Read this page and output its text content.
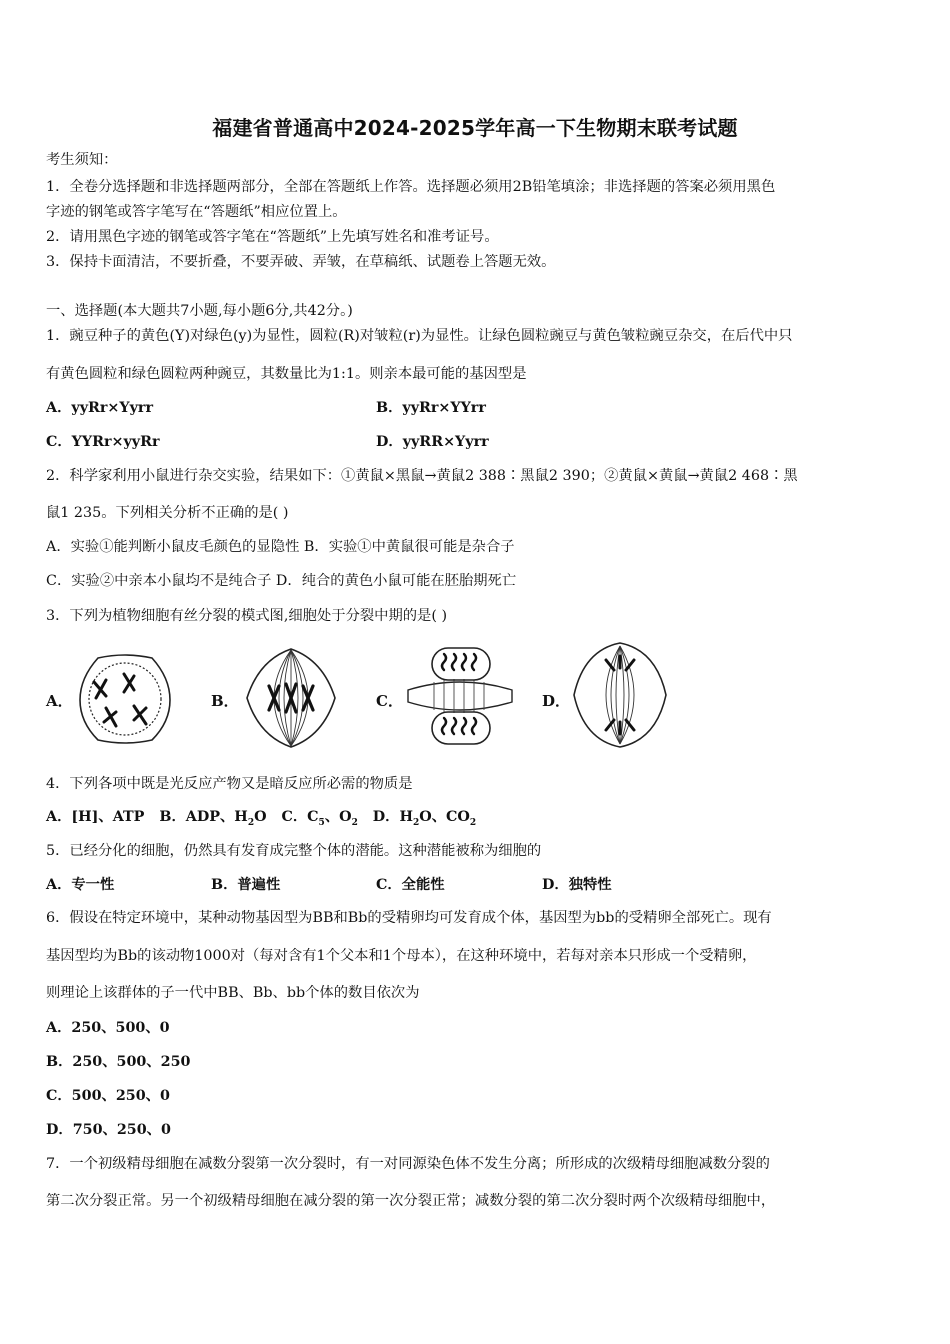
福建省普通高中2024-2025学年高一下生物期末联考试题
考生须知：
1．全卷分选择题和非选择题两部分，全部在答题纸上作答。选择题必须用2B铅笔填涂；非选择题的答案必须用黑色
字迹的钢笔或答字笔写在“答题纸”相应位置上。
2．请用黑色字迹的钢笔或答字笔在“答题纸”上先填写姓名和准考证号。
3．保持卡面清洁，不要折叠，不要弄破、弄皱，在草稿纸、试题卷上答题无效。
一、选择题(本大题共7小题,每小题6分,共42分。)
1．豌豆种子的黄色(Y)对绿色(y)为显性，圆粒(R)对皱粒(r)为显性。让绿色圆粒豌豆与黄色皱粒豌豆杂交，在后代中只
有黄色圆粒和绿色圆粒两种豌豆，其数量比为1:1。则亲本最可能的基因型是
A．yyRr×Yyrr	B．yyRr×YYrr
C．YYRr×yyRr	D．yyRR×Yyrr
2．科学家利用小鼠进行杂交实验，结果如下：①黄鼠×黑鼠→黄鼠2 388∶黑鼠2 390；②黄鼠×黄鼠→黄鼠2 468∶黑
鼠1 235。下列相关分析不正确的是( )
A．实验①能判断小鼠皮毛颜色的显隐性 B．实验①中黄鼠很可能是杂合子
C．实验②中亲本小鼠均不是纯合子 D．纯合的黄色小鼠可能在胚胎期死亡
3．下列为植物细胞有丝分裂的模式图,细胞处于分裂中期的是( )
A．	B．	C．	D．
4．下列各项中既是光反应产物又是暗反应所必需的物质是
A．[H]、ATP B．ADP、$H_2O$ C．$C_5$、$O_2$ D．$H_2O$、$CO_2$
5．已经分化的细胞，仍然具有发育成完整个体的潜能。这种潜能被称为细胞的
A．专一性	B．普遍性	C．全能性	D．独特性
6．假设在特定环境中，某种动物基因型为BB和Bb的受精卵均可发育成个体，基因型为bb的受精卵全部死亡。现有
基因型均为Bb的该动物1000对（每对含有1个父本和1个母本），在这种环境中，若每对亲本只形成一个受精卵，
则理论上该群体的子一代中BB、Bb、bb个体的数目依次为
A．250、500、0
B．250、500、250
C．500、250、0
D．750、250、0
7．一个初级精母细胞在减数分裂第一次分裂时，有一对同源染色体不发生分离；所形成的次级精母细胞减数分裂的
第二次分裂正常。另一个初级精母细胞在减分裂的第一次分裂正常；减数分裂的第二次分裂时两个次级精母细胞中，
